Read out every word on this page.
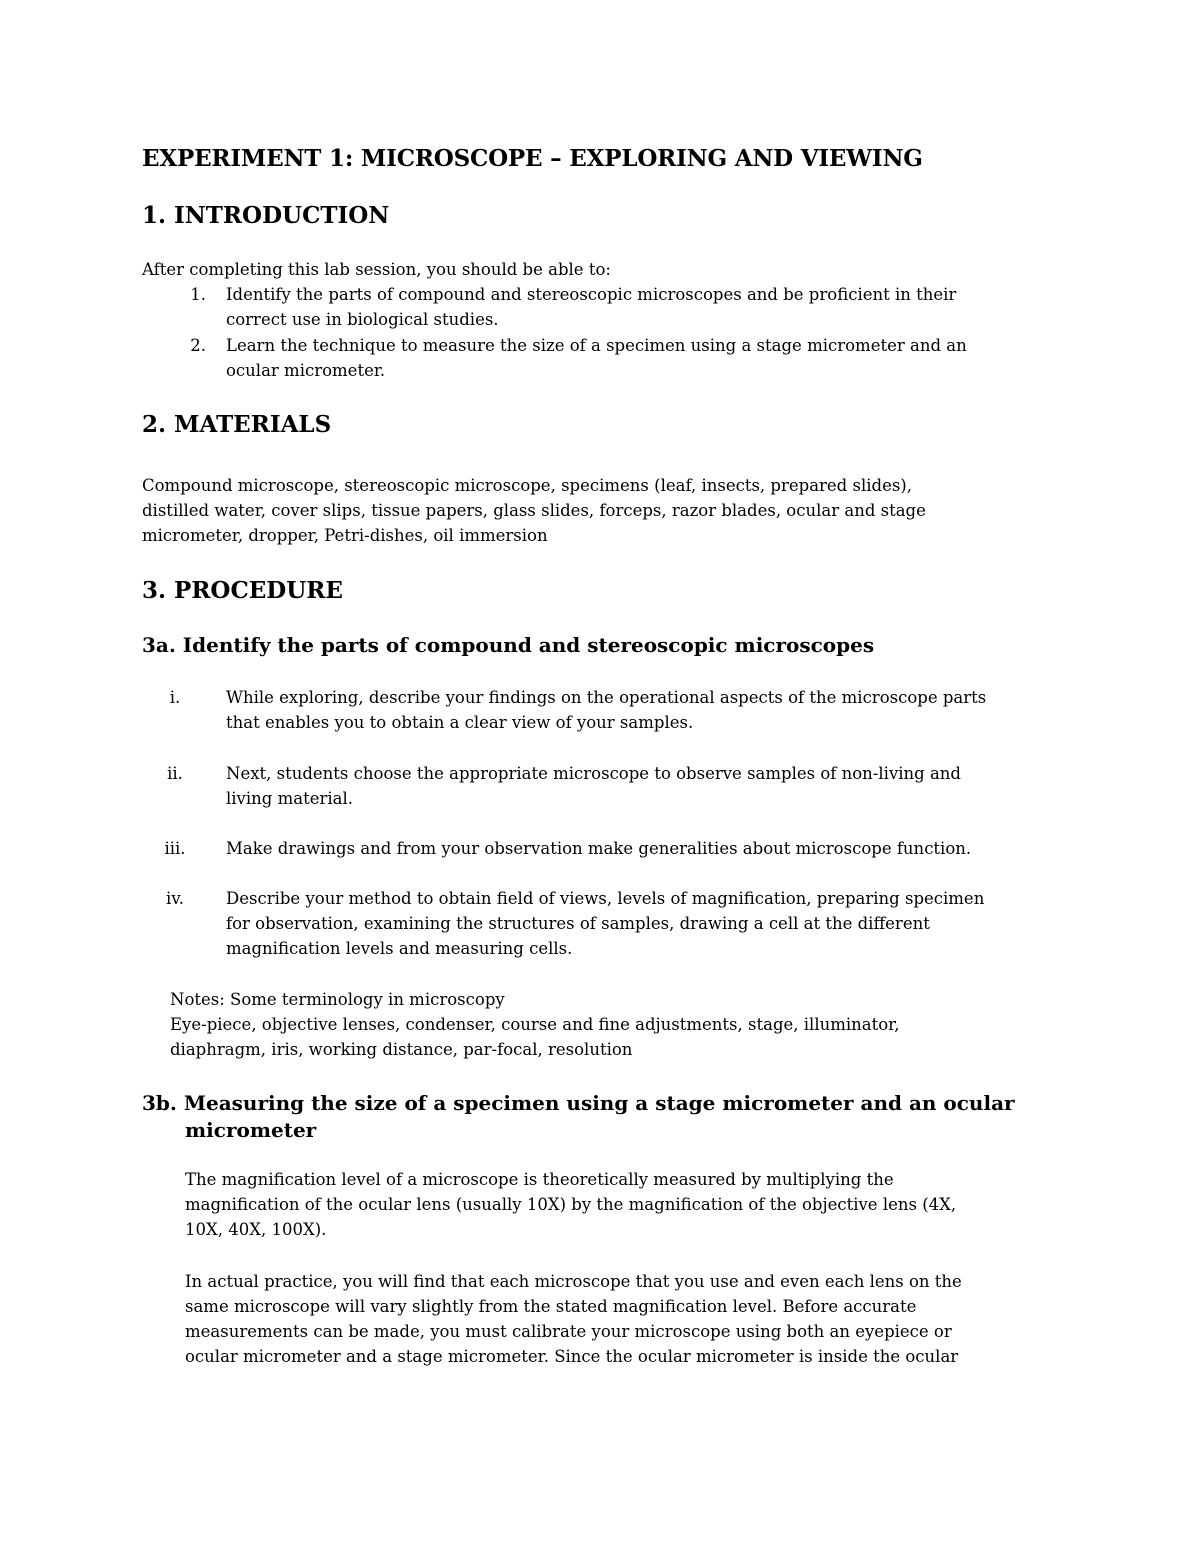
EXPERIMENT 1: MICROSCOPE – EXPLORING AND VIEWING
1. INTRODUCTION
After completing this lab session, you should be able to:
1. Identify the parts of compound and stereoscopic microscopes and be proficient in their
correct use in biological studies.
2. Learn the technique to measure the size of a specimen using a stage micrometer and an
ocular micrometer.
2. MATERIALS
Compound microscope, stereoscopic microscope, specimens (leaf, insects, prepared slides),
distilled water, cover slips, tissue papers, glass slides, forceps, razor blades, ocular and stage
micrometer, dropper, Petri-dishes, oil immersion
3. PROCEDURE
3a. Identify the parts of compound and stereoscopic microscopes
i.	While exploring, describe your findings on the operational aspects of the microscope parts
that enables you to obtain a clear view of your samples.
ii.	Next, students choose the appropriate microscope to observe samples of non-living and
living material.
iii.	Make drawings and from your observation make generalities about microscope function.
iv.	Describe your method to obtain field of views, levels of magnification, preparing specimen
for observation, examining the structures of samples, drawing a cell at the different
magnification levels and measuring cells.
Notes: Some terminology in microscopy
Eye-piece, objective lenses, condenser, course and fine adjustments, stage, illuminator,
diaphragm, iris, working distance, par-focal, resolution
3b. Measuring the size of a specimen using a stage micrometer and an ocular
micrometer
The magnification level of a microscope is theoretically measured by multiplying the
magnification of the ocular lens (usually 10X) by the magnification of the objective lens (4X,
10X, 40X, 100X).
In actual practice, you will find that each microscope that you use and even each lens on the
same microscope will vary slightly from the stated magnification level. Before accurate
measurements can be made, you must calibrate your microscope using both an eyepiece or
ocular micrometer and a stage micrometer. Since the ocular micrometer is inside the ocular
